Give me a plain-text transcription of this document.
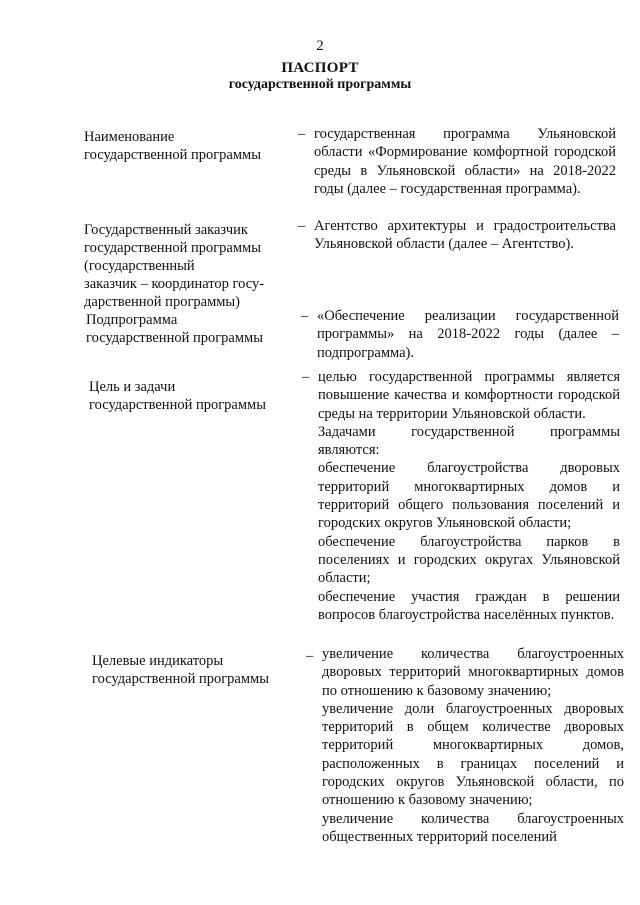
2
ПАСПОРТ
государственной программы
Наименование
государственной программы
– государственная программа Ульяновской области «Формирование комфортной городской среды в Ульяновской области» на 2018-2022 годы (далее – государственная программа).

Государственный заказчик
государственной программы
(государственный
заказчик – координатор госу-
дарственной программы)
– Агентство архитектуры и градостроительства Ульяновской области (далее – Агентство).

Подпрограмма
государственной программы
– «Обеспечение реализации государственной программы» на 2018-2022 годы (далее – подпрограмма).

Цель и задачи
государственной программы
– целью государственной программы является повышение качества и комфортности городской среды на территории Ульяновской области.

Задачами государственной программы являются:

обеспечение благоустройства дворовых территорий многоквартирных домов и территорий общего пользования поселений и городских округов Ульяновской области;

обеспечение благоустройства парков в поселениях и городских округах Ульяновской области;

обеспечение участия граждан в решении вопросов благоустройства населённых пунктов.

Целевые индикаторы
государственной программы
– увеличение количества благоустроенных дворовых территорий многоквартирных домов по отношению к базовому значению;

увеличение доли благоустроенных дворовых территорий в общем количестве дворовых территорий многоквартирных домов, расположенных в границах поселений и городских округов Ульяновской области, по отношению к базовому значению;

увеличение количества благоустроенных общественных территорий поселений
